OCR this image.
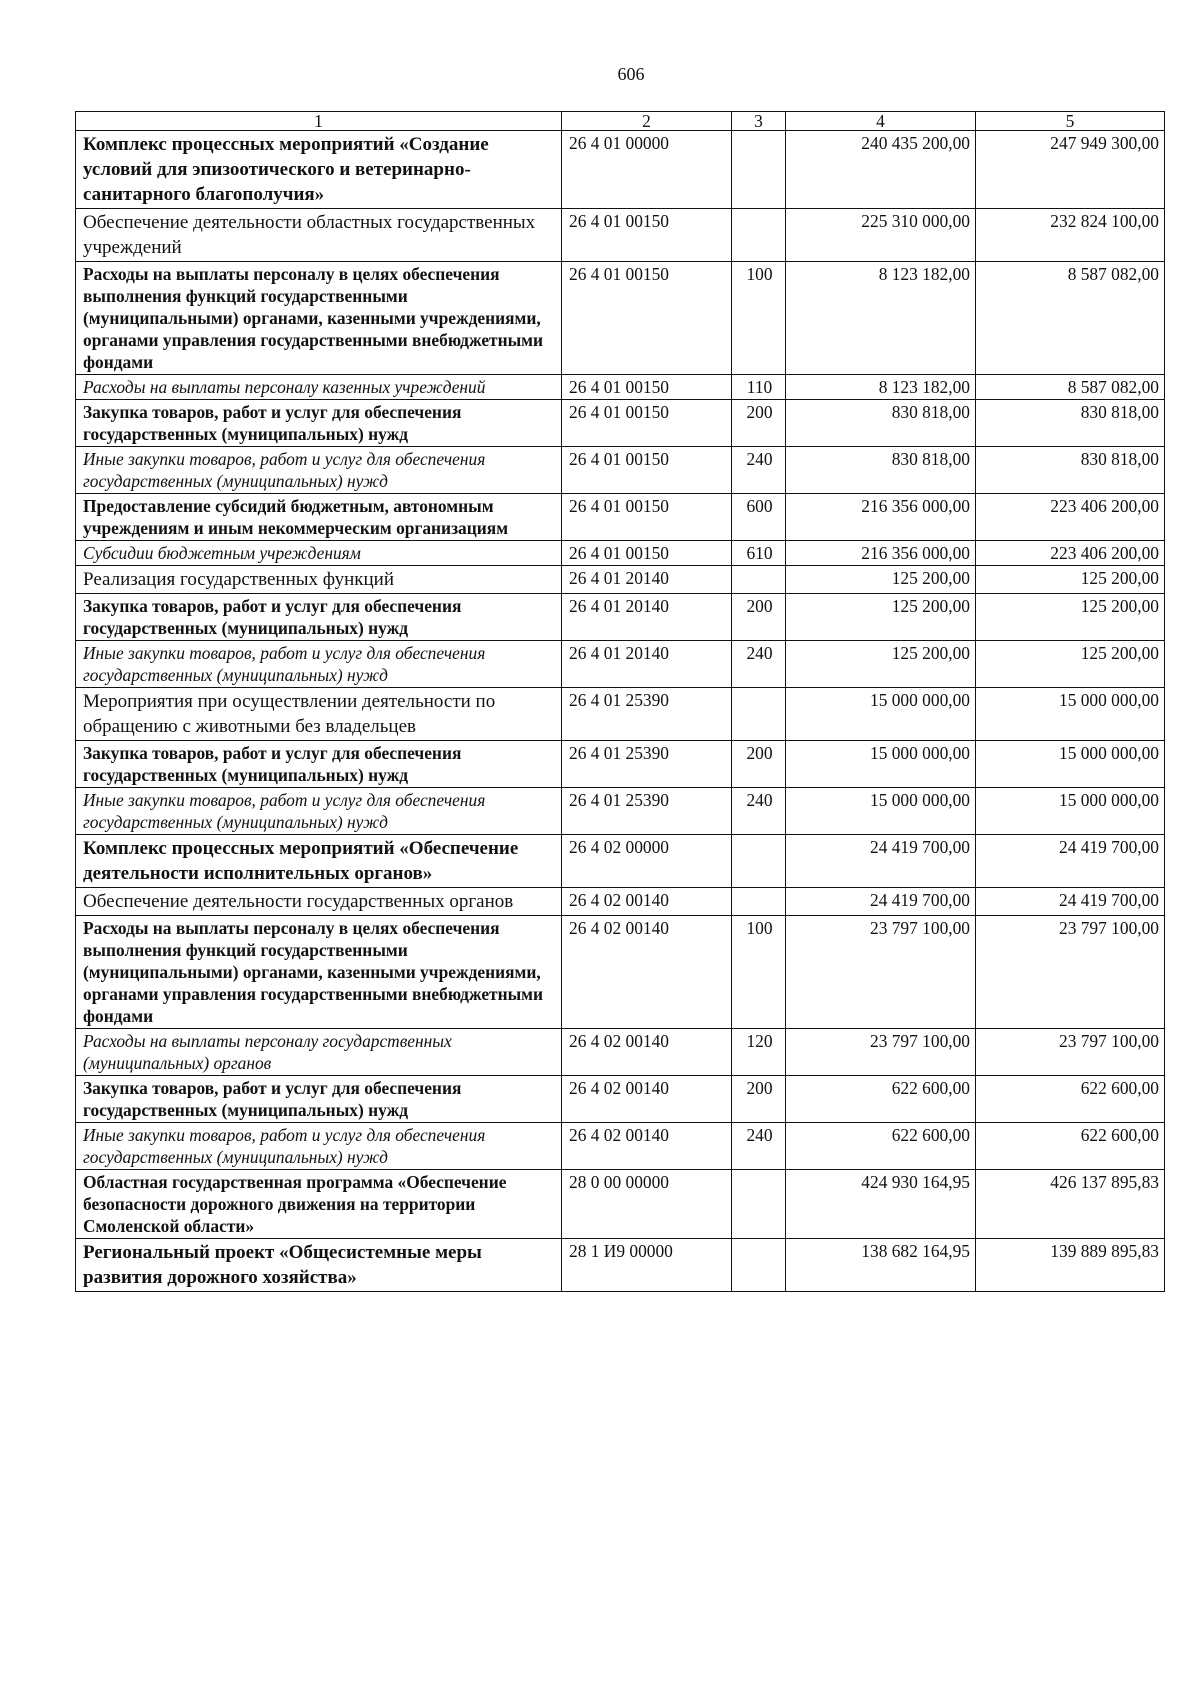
606
1	2	3	4	5
Комплекс процессных мероприятий «Создание условий для эпизоотического и ветеринарно-санитарного благополучия»	26 4 01 00000		240 435 200,00	247 949 300,00
Обеспечение деятельности областных государственных учреждений	26 4 01 00150		225 310 000,00	232 824 100,00
Расходы на выплаты персоналу в целях обеспечения выполнения функций государственными (муниципальными) органами, казенными учреждениями, органами управления государственными внебюджетными фондами	26 4 01 00150	100	8 123 182,00	8 587 082,00
Расходы на выплаты персоналу казенных учреждений	26 4 01 00150	110	8 123 182,00	8 587 082,00
Закупка товаров, работ и услуг для обеспечения государственных (муниципальных) нужд	26 4 01 00150	200	830 818,00	830 818,00
Иные закупки товаров, работ и услуг для обеспечения государственных (муниципальных) нужд	26 4 01 00150	240	830 818,00	830 818,00
Предоставление субсидий бюджетным, автономным учреждениям и иным некоммерческим организациям	26 4 01 00150	600	216 356 000,00	223 406 200,00
Субсидии бюджетным учреждениям	26 4 01 00150	610	216 356 000,00	223 406 200,00
Реализация государственных функций	26 4 01 20140		125 200,00	125 200,00
Закупка товаров, работ и услуг для обеспечения государственных (муниципальных) нужд	26 4 01 20140	200	125 200,00	125 200,00
Иные закупки товаров, работ и услуг для обеспечения государственных (муниципальных) нужд	26 4 01 20140	240	125 200,00	125 200,00
Мероприятия при осуществлении деятельности по обращению с животными без владельцев	26 4 01 25390		15 000 000,00	15 000 000,00
Закупка товаров, работ и услуг для обеспечения государственных (муниципальных) нужд	26 4 01 25390	200	15 000 000,00	15 000 000,00
Иные закупки товаров, работ и услуг для обеспечения государственных (муниципальных) нужд	26 4 01 25390	240	15 000 000,00	15 000 000,00
Комплекс процессных мероприятий «Обеспечение деятельности исполнительных органов»	26 4 02 00000		24 419 700,00	24 419 700,00
Обеспечение деятельности государственных органов	26 4 02 00140		24 419 700,00	24 419 700,00
Расходы на выплаты персоналу в целях обеспечения выполнения функций государственными (муниципальными) органами, казенными учреждениями, органами управления государственными внебюджетными фондами	26 4 02 00140	100	23 797 100,00	23 797 100,00
Расходы на выплаты персоналу государственных (муниципальных) органов	26 4 02 00140	120	23 797 100,00	23 797 100,00
Закупка товаров, работ и услуг для обеспечения государственных (муниципальных) нужд	26 4 02 00140	200	622 600,00	622 600,00
Иные закупки товаров, работ и услуг для обеспечения государственных (муниципальных) нужд	26 4 02 00140	240	622 600,00	622 600,00
Областная государственная программа «Обеспечение безопасности дорожного движения на территории Смоленской области»	28 0 00 00000		424 930 164,95	426 137 895,83
Региональный проект «Общесистемные меры развития дорожного хозяйства»	28 1 И9 00000		138 682 164,95	139 889 895,83
